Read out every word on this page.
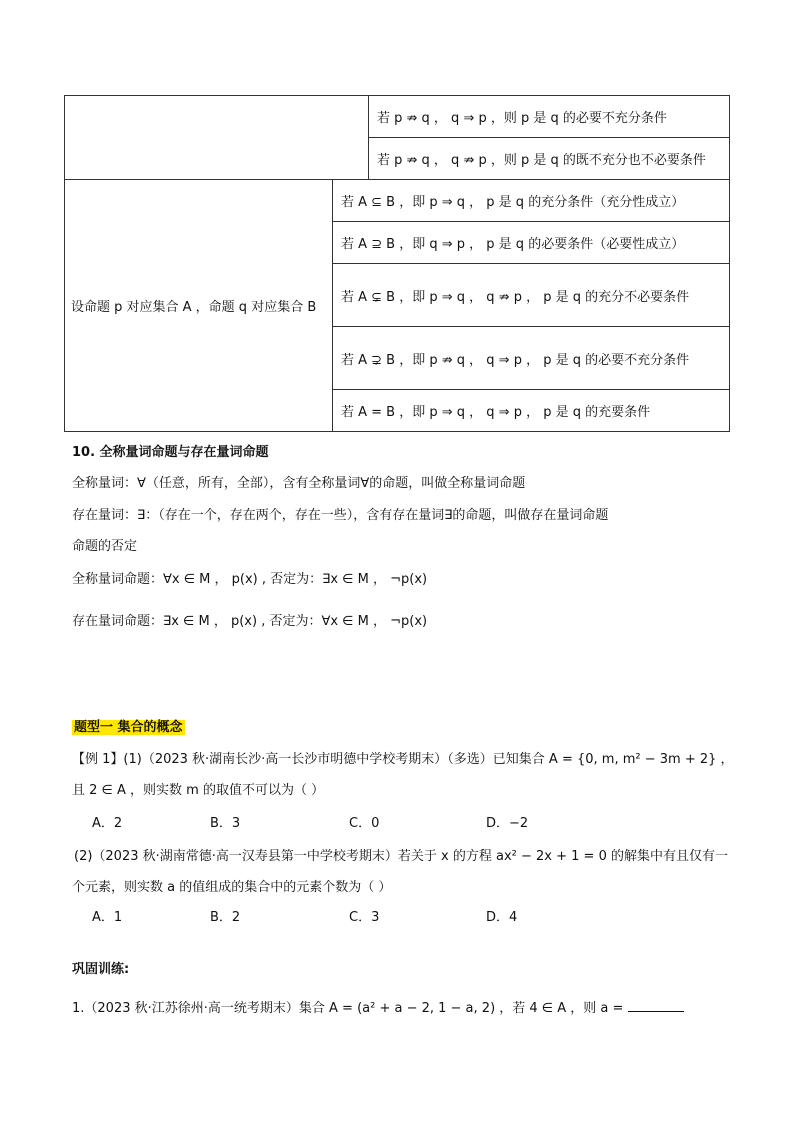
		若 p ⇏ q ， q ⇒ p ，则 p 是 q 的必要不充分条件
		若 p ⇏ q ， q ⇏ p ，则 p 是 q 的既不充分也不必要条件
设命题 p 对应集合 A ，命题 q 对应集合 B	若 A ⊆ B ，即 p ⇒ q ， p 是 q 的充分条件（充分性成立）	
	若 A ⊇ B ，即 q ⇒ p ， p 是 q 的必要条件（必要性成立）	
	若 A ⊊ B ，即 p ⇒ q ， q ⇏ p ， p 是 q 的充分不必要条件	
	若 A ⊋ B ，即 p ⇏ q ， q ⇒ p ， p 是 q 的必要不充分条件	
	若 A = B ，即 p ⇒ q ， q ⇒ p ， p 是 q 的充要条件	
10. 全称量词命题与存在量词命题
全称量词：∀（任意，所有，全部），含有全称量词∀的命题，叫做全称量词命题
存在量词：∃：（存在一个，存在两个，存在一些），含有存在量词∃的命题，叫做存在量词命题
命题的否定
全称量词命题：∀x ∈ M ， p(x) , 否定为：∃x ∈ M ， ¬p(x)
存在量词命题：∃x ∈ M ， p(x) , 否定为：∀x ∈ M ， ¬p(x)
题型一 集合的概念
【例 1】(1)（2023 秋·湖南长沙·高一长沙市明德中学校考期末）（多选）已知集合 A = {0, m, m² − 3m + 2} ，
且 2 ∈ A ，则实数 m 的取值不可以为（ ）
A．2	B．3	C．0	D．−2
(2)（2023 秋·湖南常德·高一汉寿县第一中学校考期末）若关于 x 的方程 ax² − 2x + 1 = 0 的解集中有且仅有一
个元素，则实数 a 的值组成的集合中的元素个数为（ ）
A．1	B．2	C．3	D．4
巩固训练:
1.（2023 秋·江苏徐州·高一统考期末）集合 A = (a² + a − 2, 1 − a, 2) ，若 4 ∈ A ，则 a =
